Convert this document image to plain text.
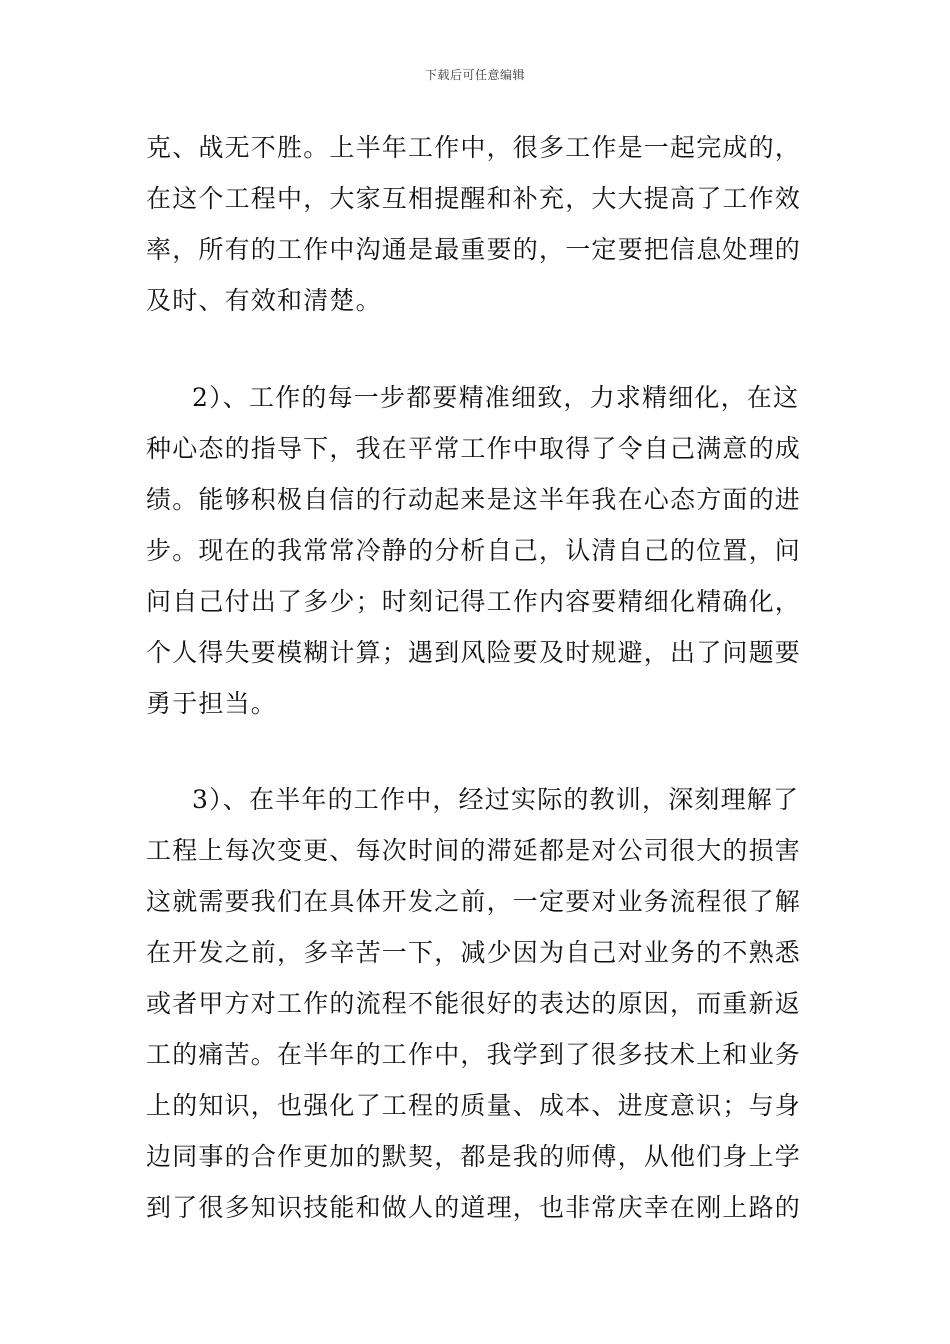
下载后可任意编辑
克、战无不胜。上半年工作中，很多工作是一起完成的，
在这个工程中，大家互相提醒和补充，大大提高了工作效
率，所有的工作中沟通是最重要的，一定要把信息处理的
及时、有效和清楚。
2）、工作的每一步都要精准细致，力求精细化，在这
种心态的指导下，我在平常工作中取得了令自己满意的成
绩。能够积极自信的行动起来是这半年我在心态方面的进
步。现在的我常常冷静的分析自己，认清自己的位置，问
问自己付出了多少；时刻记得工作内容要精细化精确化，
个人得失要模糊计算；遇到风险要及时规避，出了问题要
勇于担当。
3）、在半年的工作中，经过实际的教训，深刻理解了
工程上每次变更、每次时间的滞延都是对公司很大的损害
这就需要我们在具体开发之前，一定要对业务流程很了解
在开发之前，多辛苦一下，减少因为自己对业务的不熟悉
或者甲方对工作的流程不能很好的表达的原因，而重新返
工的痛苦。在半年的工作中，我学到了很多技术上和业务
上的知识，也强化了工程的质量、成本、进度意识；与身
边同事的合作更加的默契，都是我的师傅，从他们身上学
到了很多知识技能和做人的道理，也非常庆幸在刚上路的
